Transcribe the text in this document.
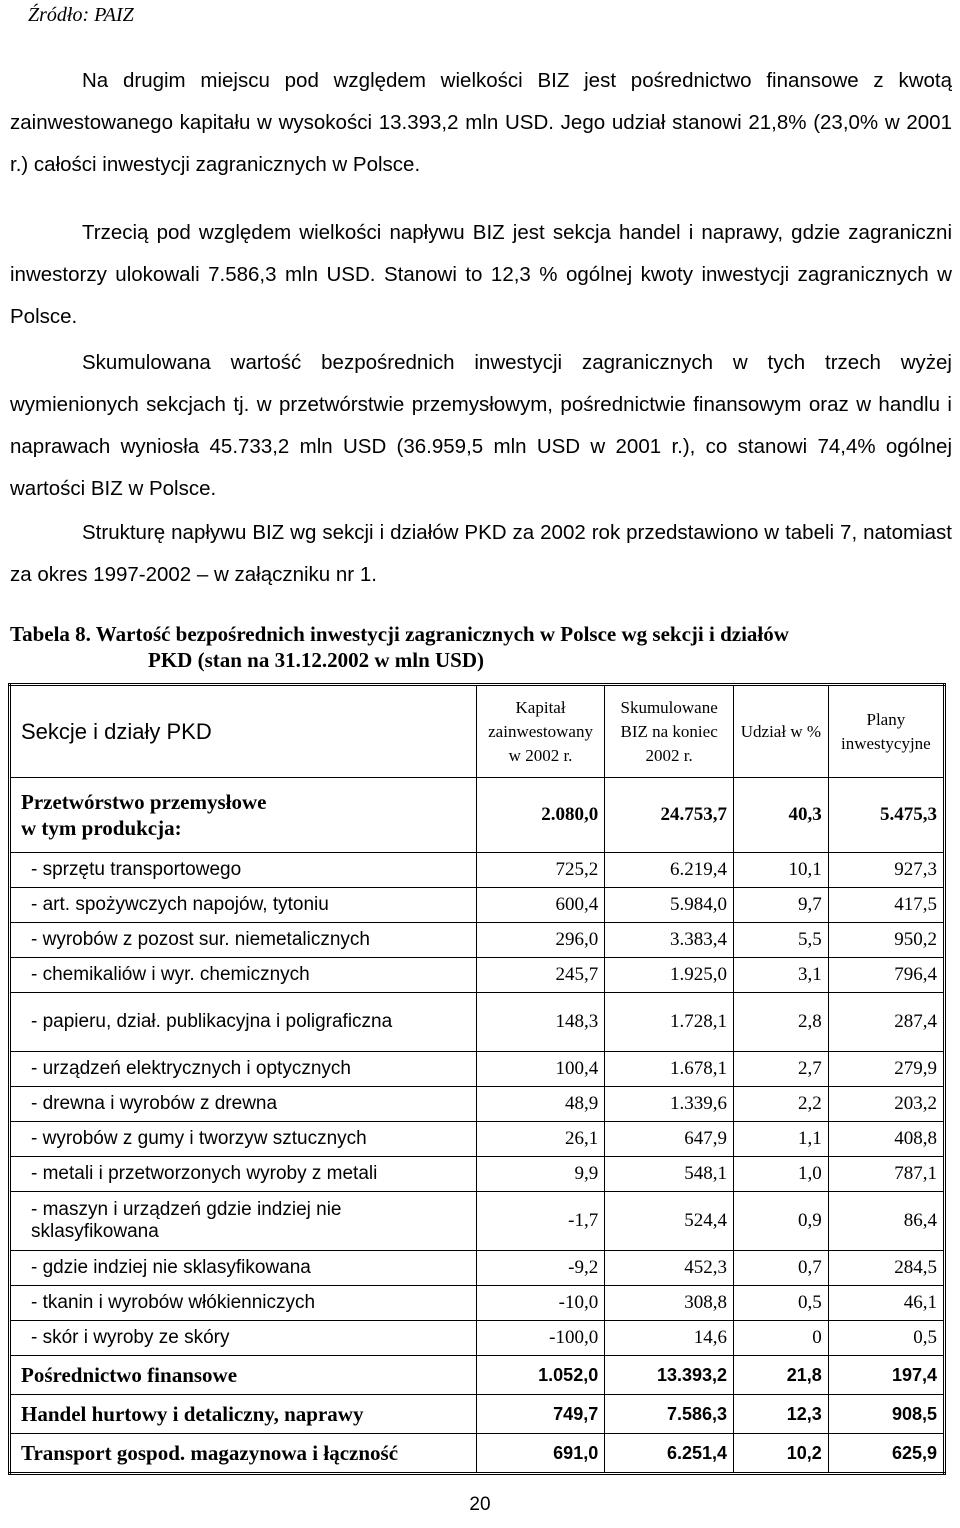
Źródło: PAIZ

Na drugim miejscu pod względem wielkości BIZ jest pośrednictwo finansowe z kwotą zainwestowanego kapitału w wysokości 13.393,2 mln USD. Jego udział stanowi 21,8% (23,0% w 2001 r.) całości inwestycji zagranicznych w Polsce.

Trzecią pod względem wielkości napływu BIZ jest sekcja handel i naprawy, gdzie zagraniczni inwestorzy ulokowali 7.586,3 mln USD. Stanowi to 12,3 % ogólnej kwoty inwestycji zagranicznych w Polsce.

Skumulowana wartość bezpośrednich inwestycji zagranicznych w tych trzech wyżej wymienionych sekcjach tj. w przetwórstwie przemysłowym, pośrednictwie finansowym oraz w handlu i naprawach wyniosła 45.733,2 mln USD (36.959,5 mln USD w 2001 r.), co stanowi 74,4% ogólnej wartości BIZ w Polsce.

Strukturę napływu BIZ wg sekcji i działów PKD za 2002 rok przedstawiono w tabeli 7, natomiast za okres 1997-2002 – w załączniku nr 1.

Tabela 8. Wartość bezpośrednich inwestycji zagranicznych w Polsce wg sekcji i działów
PKD (stan na 31.12.2002 w mln USD)
Sekcje i działy PKD	Kapitał zainwestowany w 2002 r.	Skumulowane BIZ na koniec 2002 r.	Udział w %	Plany inwestycyjne
Przetwórstwo przemysłowe
w tym produkcja:	2.080,0	24.753,7	40,3	5.475,3
- sprzętu transportowego	725,2	6.219,4	10,1	927,3
- art. spożywczych napojów, tytoniu	600,4	5.984,0	9,7	417,5
- wyrobów z pozost sur. niemetalicznych	296,0	3.383,4	5,5	950,2
- chemikaliów i wyr. chemicznych	245,7	1.925,0	3,1	796,4
- papieru, dział. publikacyjna i poligraficzna	148,3	1.728,1	2,8	287,4
- urządzeń elektrycznych i optycznych	100,4	1.678,1	2,7	279,9
- drewna i wyrobów z drewna	48,9	1.339,6	2,2	203,2
- wyrobów z gumy i tworzyw sztucznych	26,1	647,9	1,1	408,8
- metali i przetworzonych wyroby z metali	9,9	548,1	1,0	787,1
- maszyn i urządzeń gdzie indziej nie sklasyfikowana	-1,7	524,4	0,9	86,4
- gdzie indziej nie sklasyfikowana	-9,2	452,3	0,7	284,5
- tkanin i wyrobów włókienniczych	-10,0	308,8	0,5	46,1
- skór i wyroby ze skóry	-100,0	14,6	0	0,5
Pośrednictwo finansowe	1.052,0	13.393,2	21,8	197,4
Handel hurtowy i detaliczny, naprawy	749,7	7.586,3	12,3	908,5
Transport gospod. magazynowa i łączność	691,0	6.251,4	10,2	625,9
20
